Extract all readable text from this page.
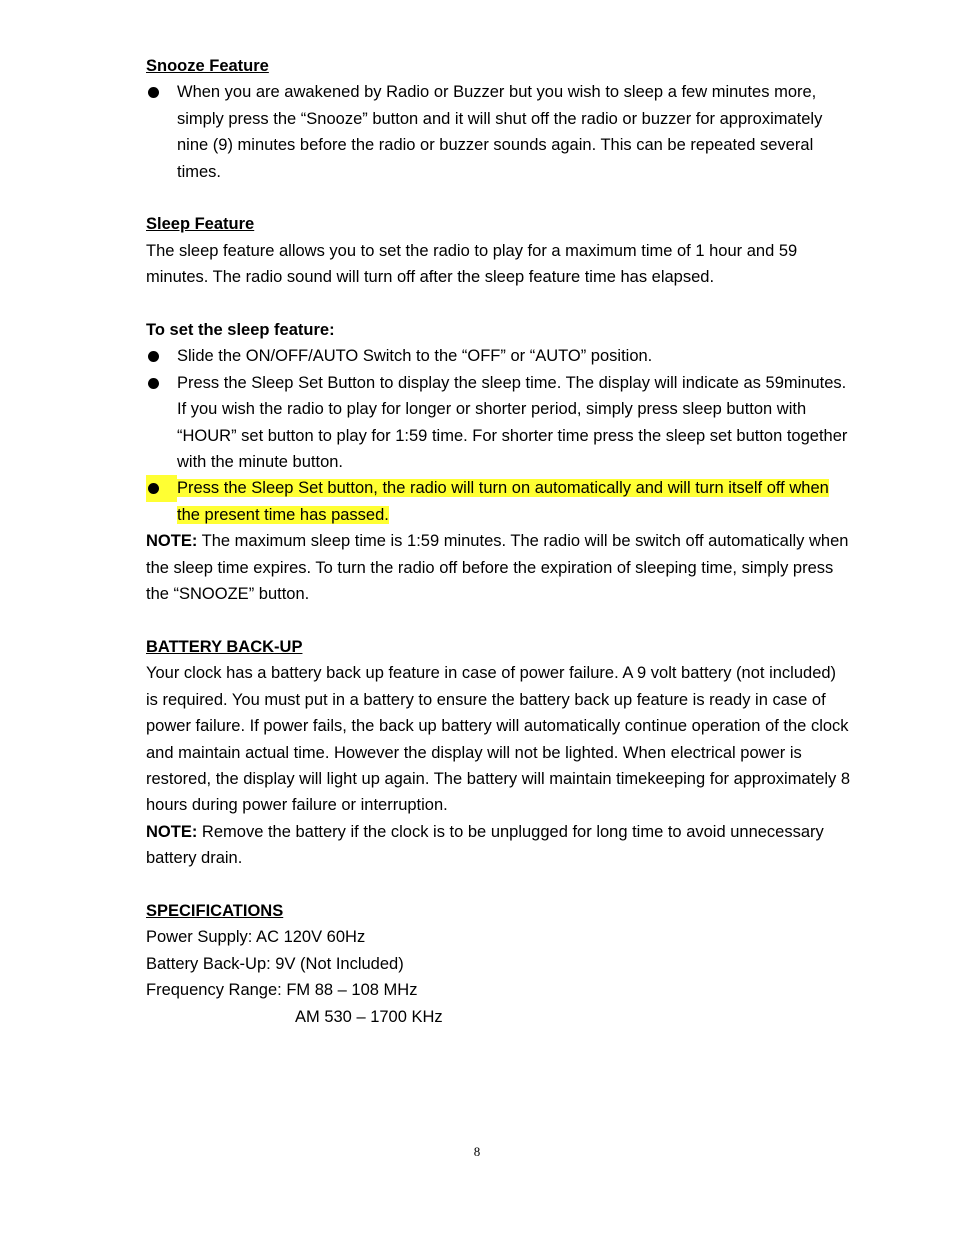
Snooze Feature

When you are awakened by Radio or Buzzer but you wish to sleep a few minutes more, simply press the “Snooze” button and it will shut off the radio or buzzer for approximately nine (9) minutes before the radio or buzzer sounds again. This can be repeated several times.

Sleep Feature

The sleep feature allows you to set the radio to play for a maximum time of 1 hour and 59 minutes. The radio sound will turn off after the sleep feature time has elapsed.

To set the sleep feature:

Slide the ON/OFF/AUTO Switch to the “OFF” or “AUTO” position.
Press the Sleep Set Button to display the sleep time. The display will indicate as 59minutes. If you wish the radio to play for longer or shorter period, simply press sleep button with “HOUR” set button to play for 1:59 time. For shorter time press the sleep set button together with the minute button.
Press the Sleep Set button, the radio will turn on automatically and will turn itself off when the present time has passed.

NOTE: The maximum sleep time is 1:59 minutes. The radio will be switch off automatically when the sleep time expires. To turn the radio off before the expiration of sleeping time, simply press the “SNOOZE” button.

BATTERY BACK-UP

Your clock has a battery back up feature in case of power failure. A 9 volt battery (not included) is required. You must put in a battery to ensure the battery back up feature is ready in case of power failure. If power fails, the back up battery will automatically continue operation of the clock and maintain actual time. However the display will not be lighted. When electrical power is restored, the display will light up again. The battery will maintain timekeeping for approximately 8 hours during power failure or interruption.

NOTE: Remove the battery if the clock is to be unplugged for long time to avoid unnecessary battery drain.

SPECIFICATIONS

Power Supply: AC 120V 60Hz

Battery Back-Up: 9V (Not Included)

Frequency Range: FM 88 – 108 MHz

AM 530 – 1700 KHz

8
